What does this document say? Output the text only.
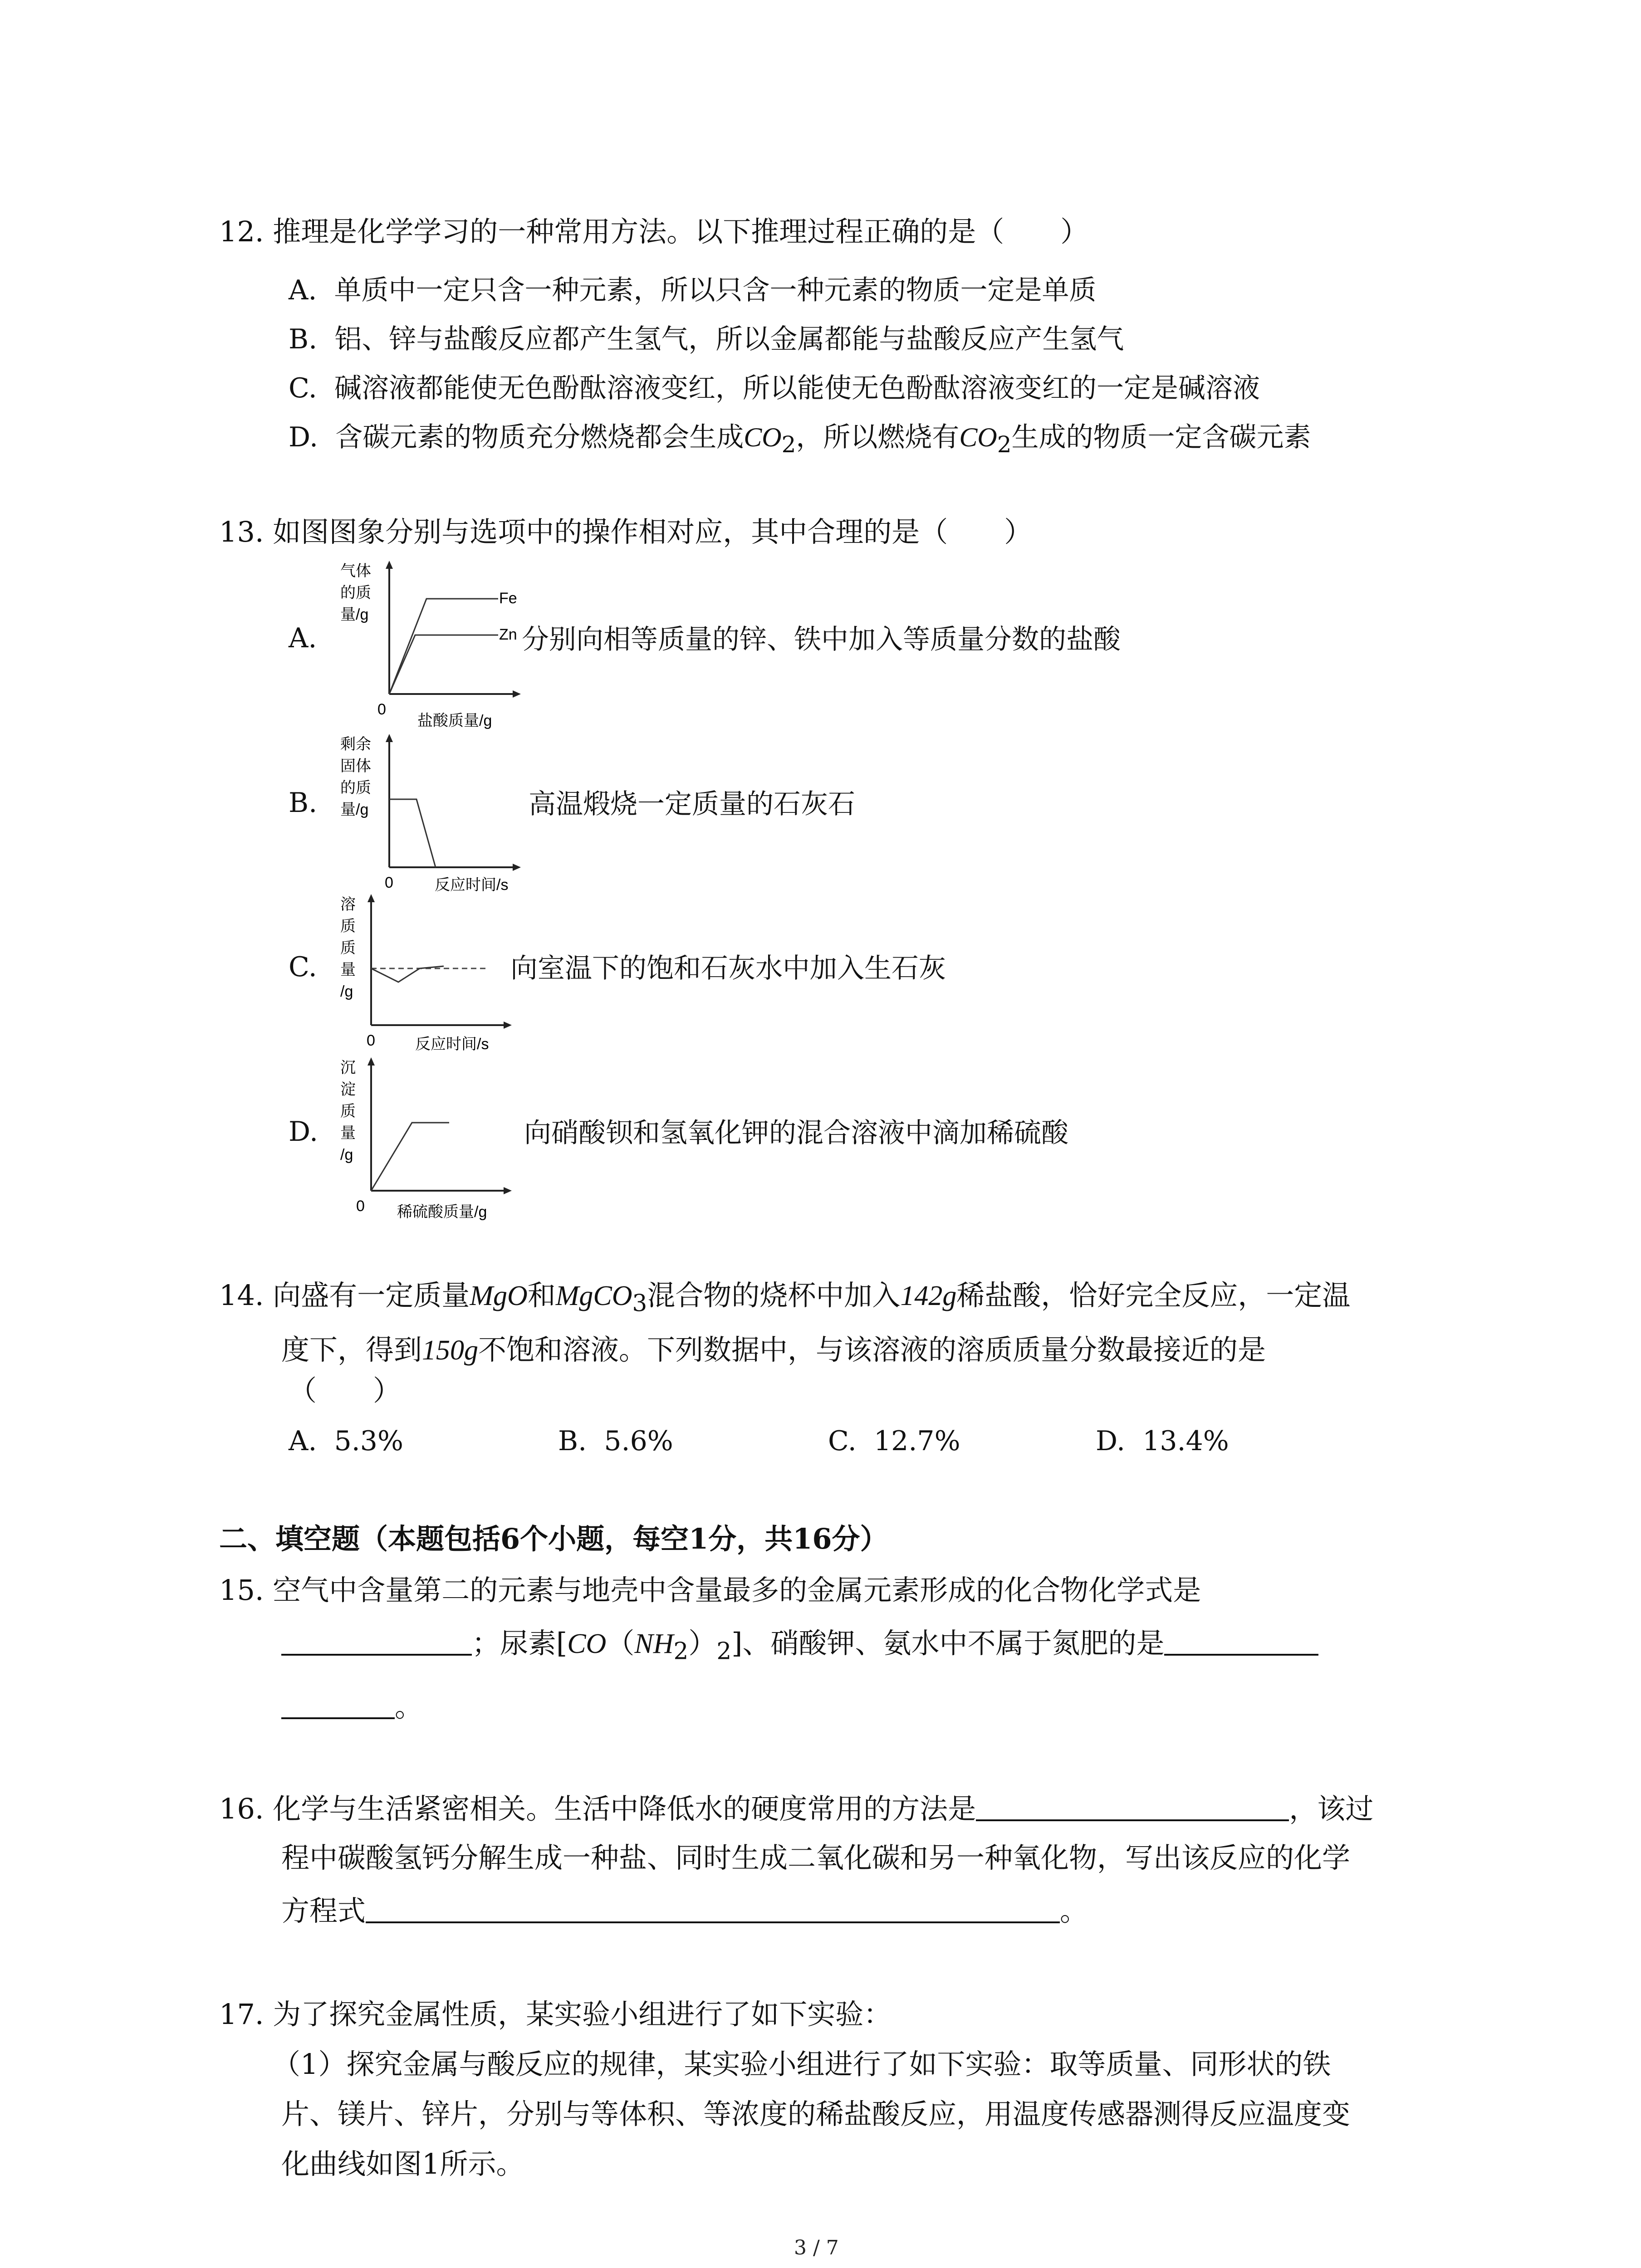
12. 推理是化学学习的一种常用方法。以下推理过程正确的是（　　）
A. 单质中一定只含一种元素，所以只含一种元素的物质一定是单质
B. 铝、锌与盐酸反应都产生氢气，所以金属都能与盐酸反应产生氢气
C. 碱溶液都能使无色酚酞溶液变红，所以能使无色酚酞溶液变红的一定是碱溶液
D. 含碳元素的物质充分燃烧都会生成$CO_2$，所以燃烧有$CO_2$生成的物质一定含碳元素
13. 如图图象分别与选项中的操作相对应，其中合理的是（　　）
A.
气体
的质
量/g
Fe
Zn
0
盐酸质量/g
分别向相等质量的锌、铁中加入等质量分数的盐酸
B.
剩余
固体
的质
量/g
0	反应时间/s
高温煅烧一定质量的石灰石
C.
溶
质
质
量
/g
0	反应时间/s
向室温下的饱和石灰水中加入生石灰
D.
沉
淀
质
量
/g
0 稀硫酸质量/g
向硝酸钡和氢氧化钾的混合溶液中滴加稀硫酸
14. 向盛有一定质量MgO和MgCO$_3$混合物的烧杯中加入142g稀盐酸，恰好完全反应，一定温
度下，得到150g不饱和溶液。下列数据中，与该溶液的溶质质量分数最接近的是
（　　）
A. 5.3%	B. 5.6%	C. 12.7%	D. 13.4%
二、填空题（本题包括6个小题，每空1分，共16分）
15. 空气中含量第二的元素与地壳中含量最多的金属元素形成的化合物化学式是
；尿素$[CO(NH_2)_2]$、硝酸钾、氨水中不属于氮肥的是
。
16. 化学与生活紧密相关。生活中降低水的硬度常用的方法是	，该过
程中碳酸氢钙分解生成一种盐、同时生成二氧化碳和另一种氧化物，写出该反应的化学
方程式	。
17. 为了探究金属性质，某实验小组进行了如下实验：
（1）探究金属与酸反应的规律，某实验小组进行了如下实验：取等质量、同形状的铁
片、镁片、锌片，分别与等体积、等浓度的稀盐酸反应，用温度传感器测得反应温度变
化曲线如图1所示。
3 / 7
